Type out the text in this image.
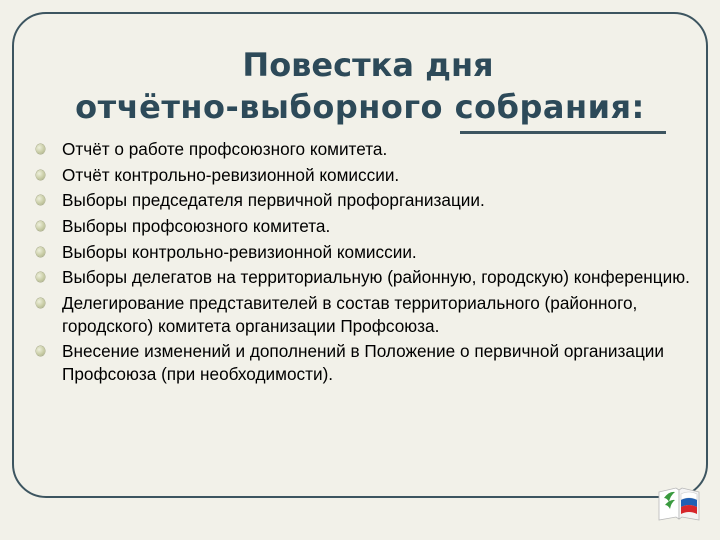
Повестка дня
отчётно-выборного собрания:
Отчёт о работе профсоюзного комитета.
Отчёт контрольно-ревизионной комиссии.
Выборы председателя первичной профорганизации.
Выборы профсоюзного комитета.
Выборы контрольно-ревизионной комиссии.
Выборы делегатов на территориальную (районную, городскую) конференцию.
Делегирование представителей в состав территориального (районного, городского) комитета организации Профсоюза.
Внесение изменений и дополнений в Положение о первичной организации Профсоюза (при необходимости).
